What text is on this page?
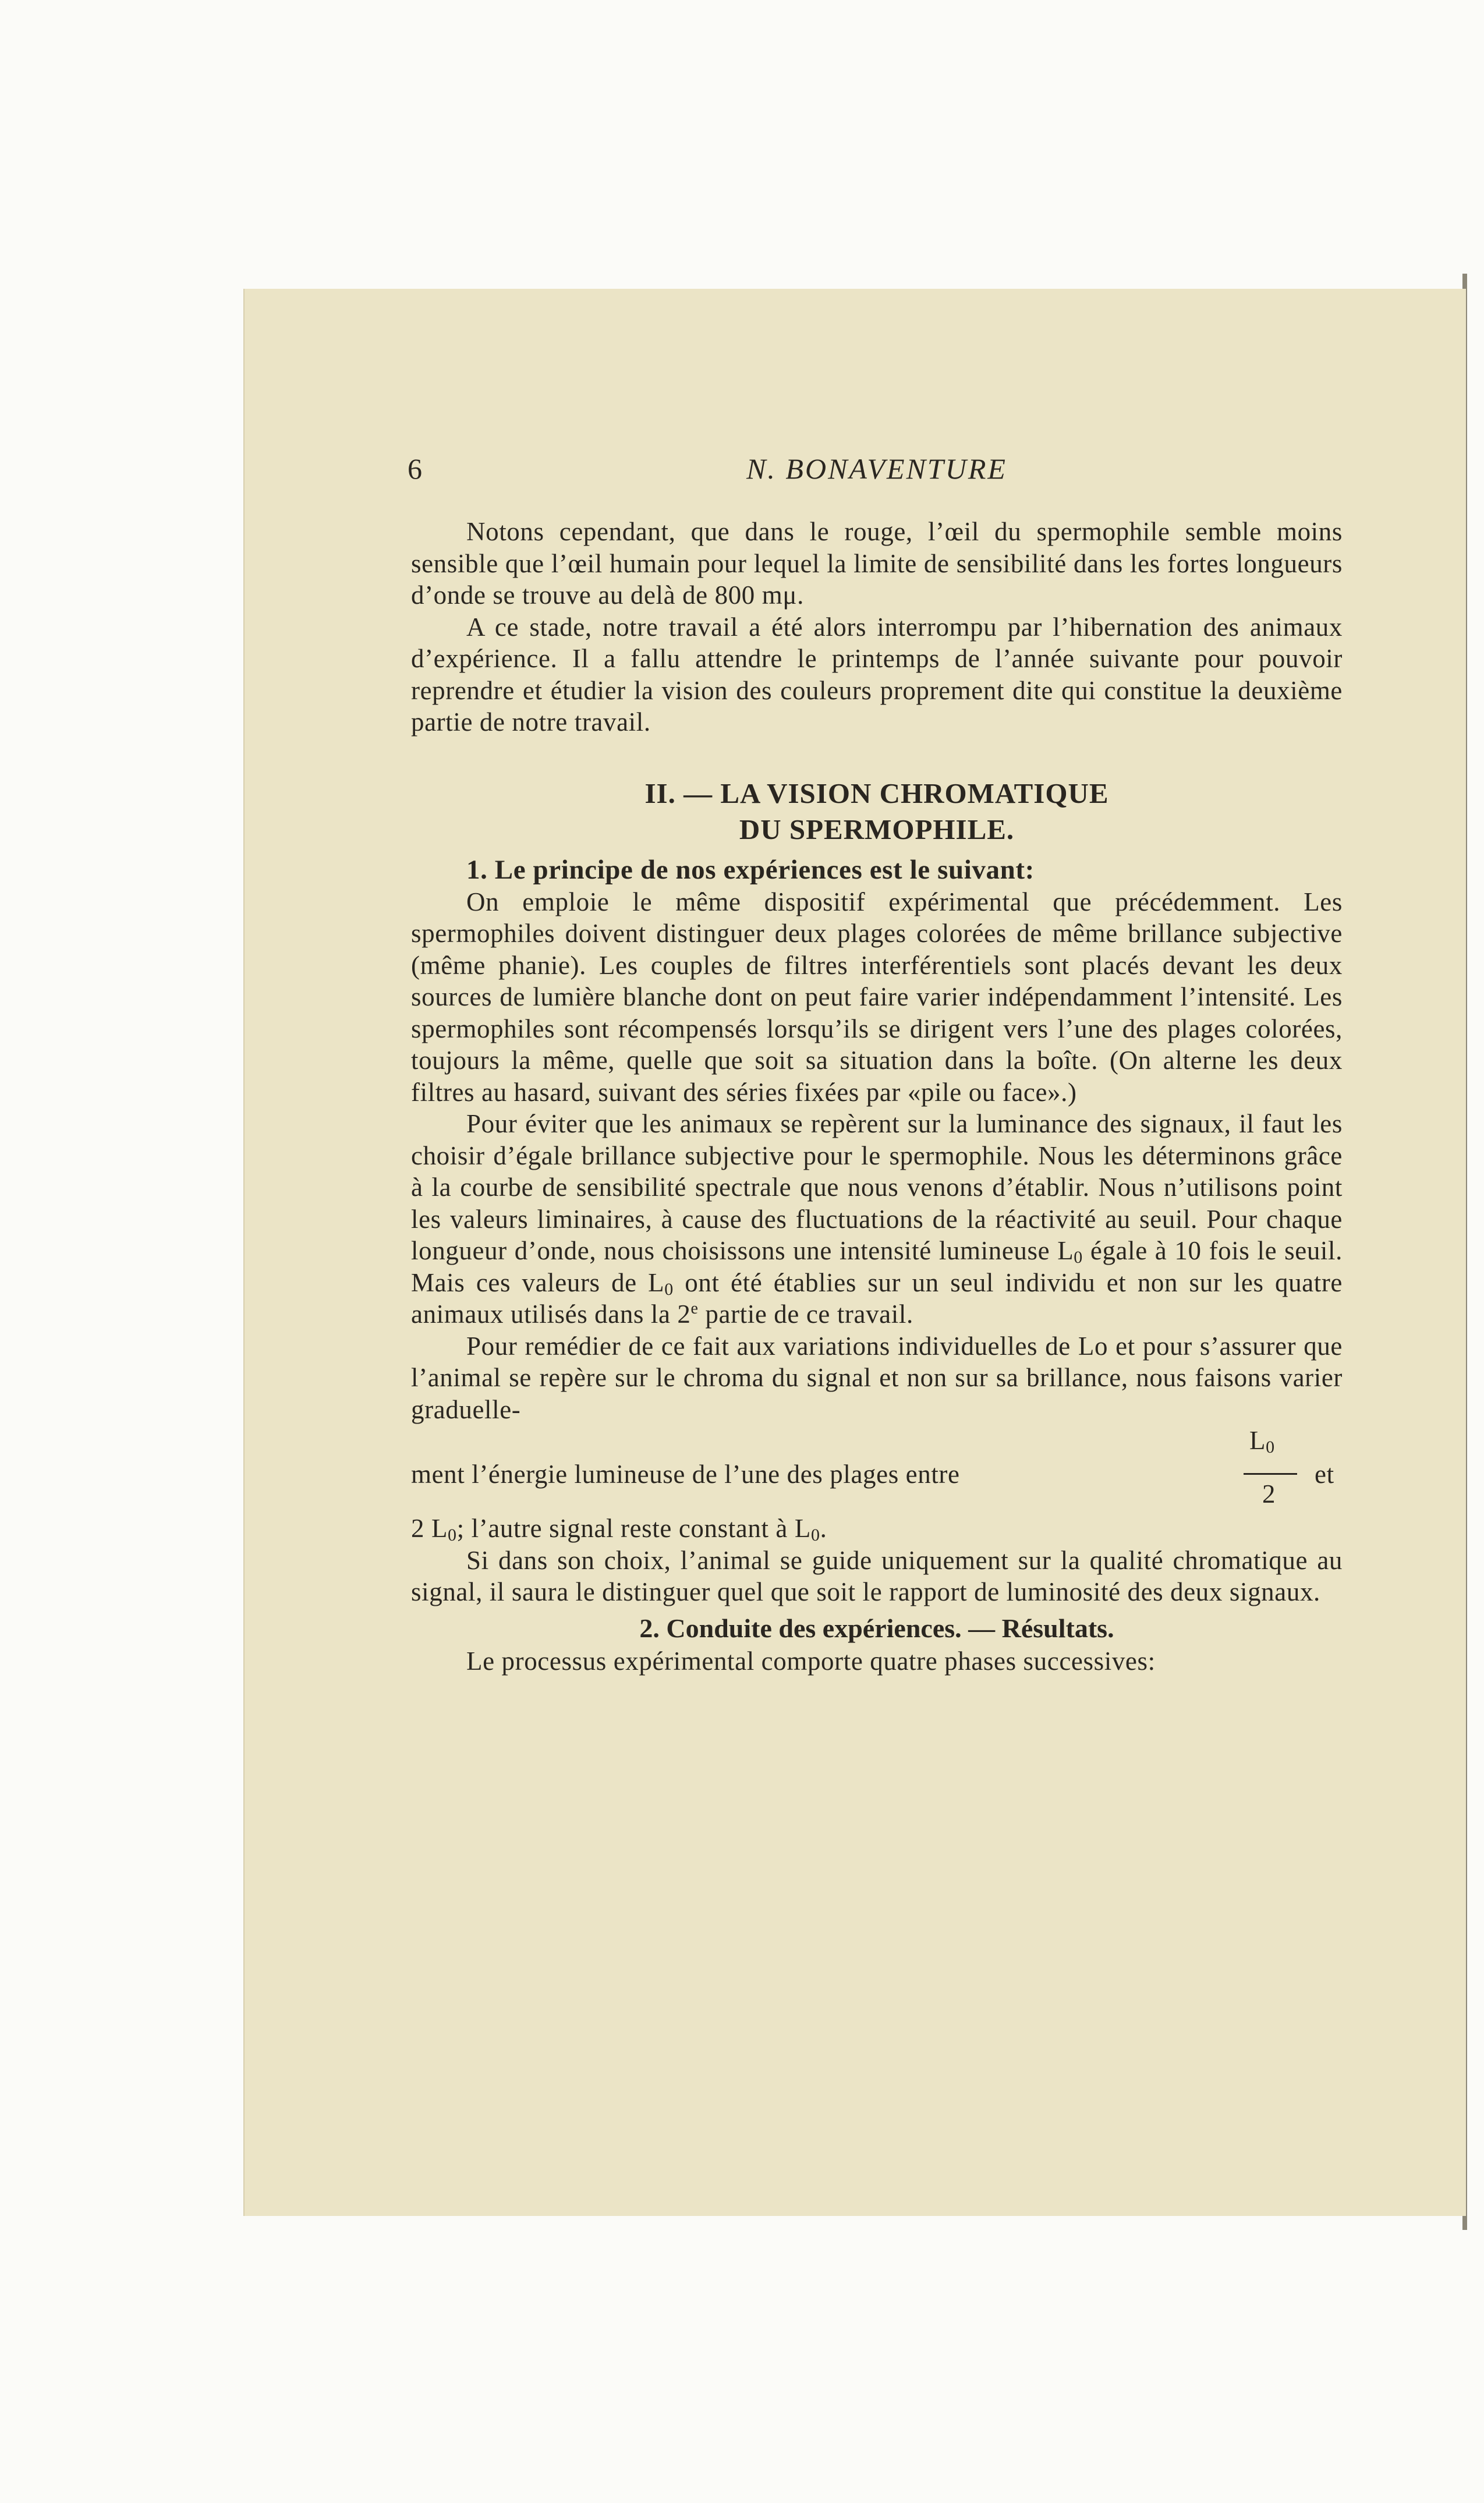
6	N. BONAVENTURE

Notons cependant, que dans le rouge, l’œil du spermophile semble moins sensible que l’œil humain pour lequel la limite de sensibilité dans les fortes longueurs d’onde se trouve au delà de 800 mμ.

A ce stade, notre travail a été alors interrompu par l’hibernation des animaux d’expérience. Il a fallu attendre le printemps de l’année suivante pour pouvoir reprendre et étudier la vision des couleurs proprement dite qui constitue la deuxième partie de notre travail.

II. — LA VISION CHROMATIQUE
DU SPERMOPHILE.

1. Le principe de nos expériences est le suivant:

On emploie le même dispositif expérimental que précédemment. Les spermophiles doivent distinguer deux plages colorées de même brillance subjective (même phanie). Les couples de filtres interférentiels sont placés devant les deux sources de lumière blanche dont on peut faire varier indépendamment l’intensité. Les spermophiles sont récompensés lorsqu’ils se dirigent vers l’une des plages colorées, toujours la même, quelle que soit sa situation dans la boîte. (On alterne les deux filtres au hasard, suivant des séries fixées par «pile ou face».)

Pour éviter que les animaux se repèrent sur la luminance des signaux, il faut les choisir d’égale brillance subjective pour le spermophile. Nous les déterminons grâce à la courbe de sensibilité spectrale que nous venons d’établir. Nous n’utilisons point les valeurs liminaires, à cause des fluctuations de la réactivité au seuil. Pour chaque longueur d’onde, nous choisissons une intensité lumineuse $L_0$ égale à 10 fois le seuil. Mais ces valeurs de $L_0$ ont été établies sur un seul individu et non sur les quatre animaux utilisés dans la 2e partie de ce travail.

Pour remédier de ce fait aux variations individuelles de Lo et pour s’assurer que l’animal se repère sur le chroma du signal et non sur sa brillance, nous faisons varier graduelle-

ment l’énergie lumineuse de l’une des plages entre
$L_0$
2
et

2 $L_0$; l’autre signal reste constant à $L_0$.

Si dans son choix, l’animal se guide uniquement sur la qualité chromatique au signal, il saura le distinguer quel que soit le rapport de luminosité des deux signaux.

2. Conduite des expériences. — Résultats.

Le processus expérimental comporte quatre phases successives:
